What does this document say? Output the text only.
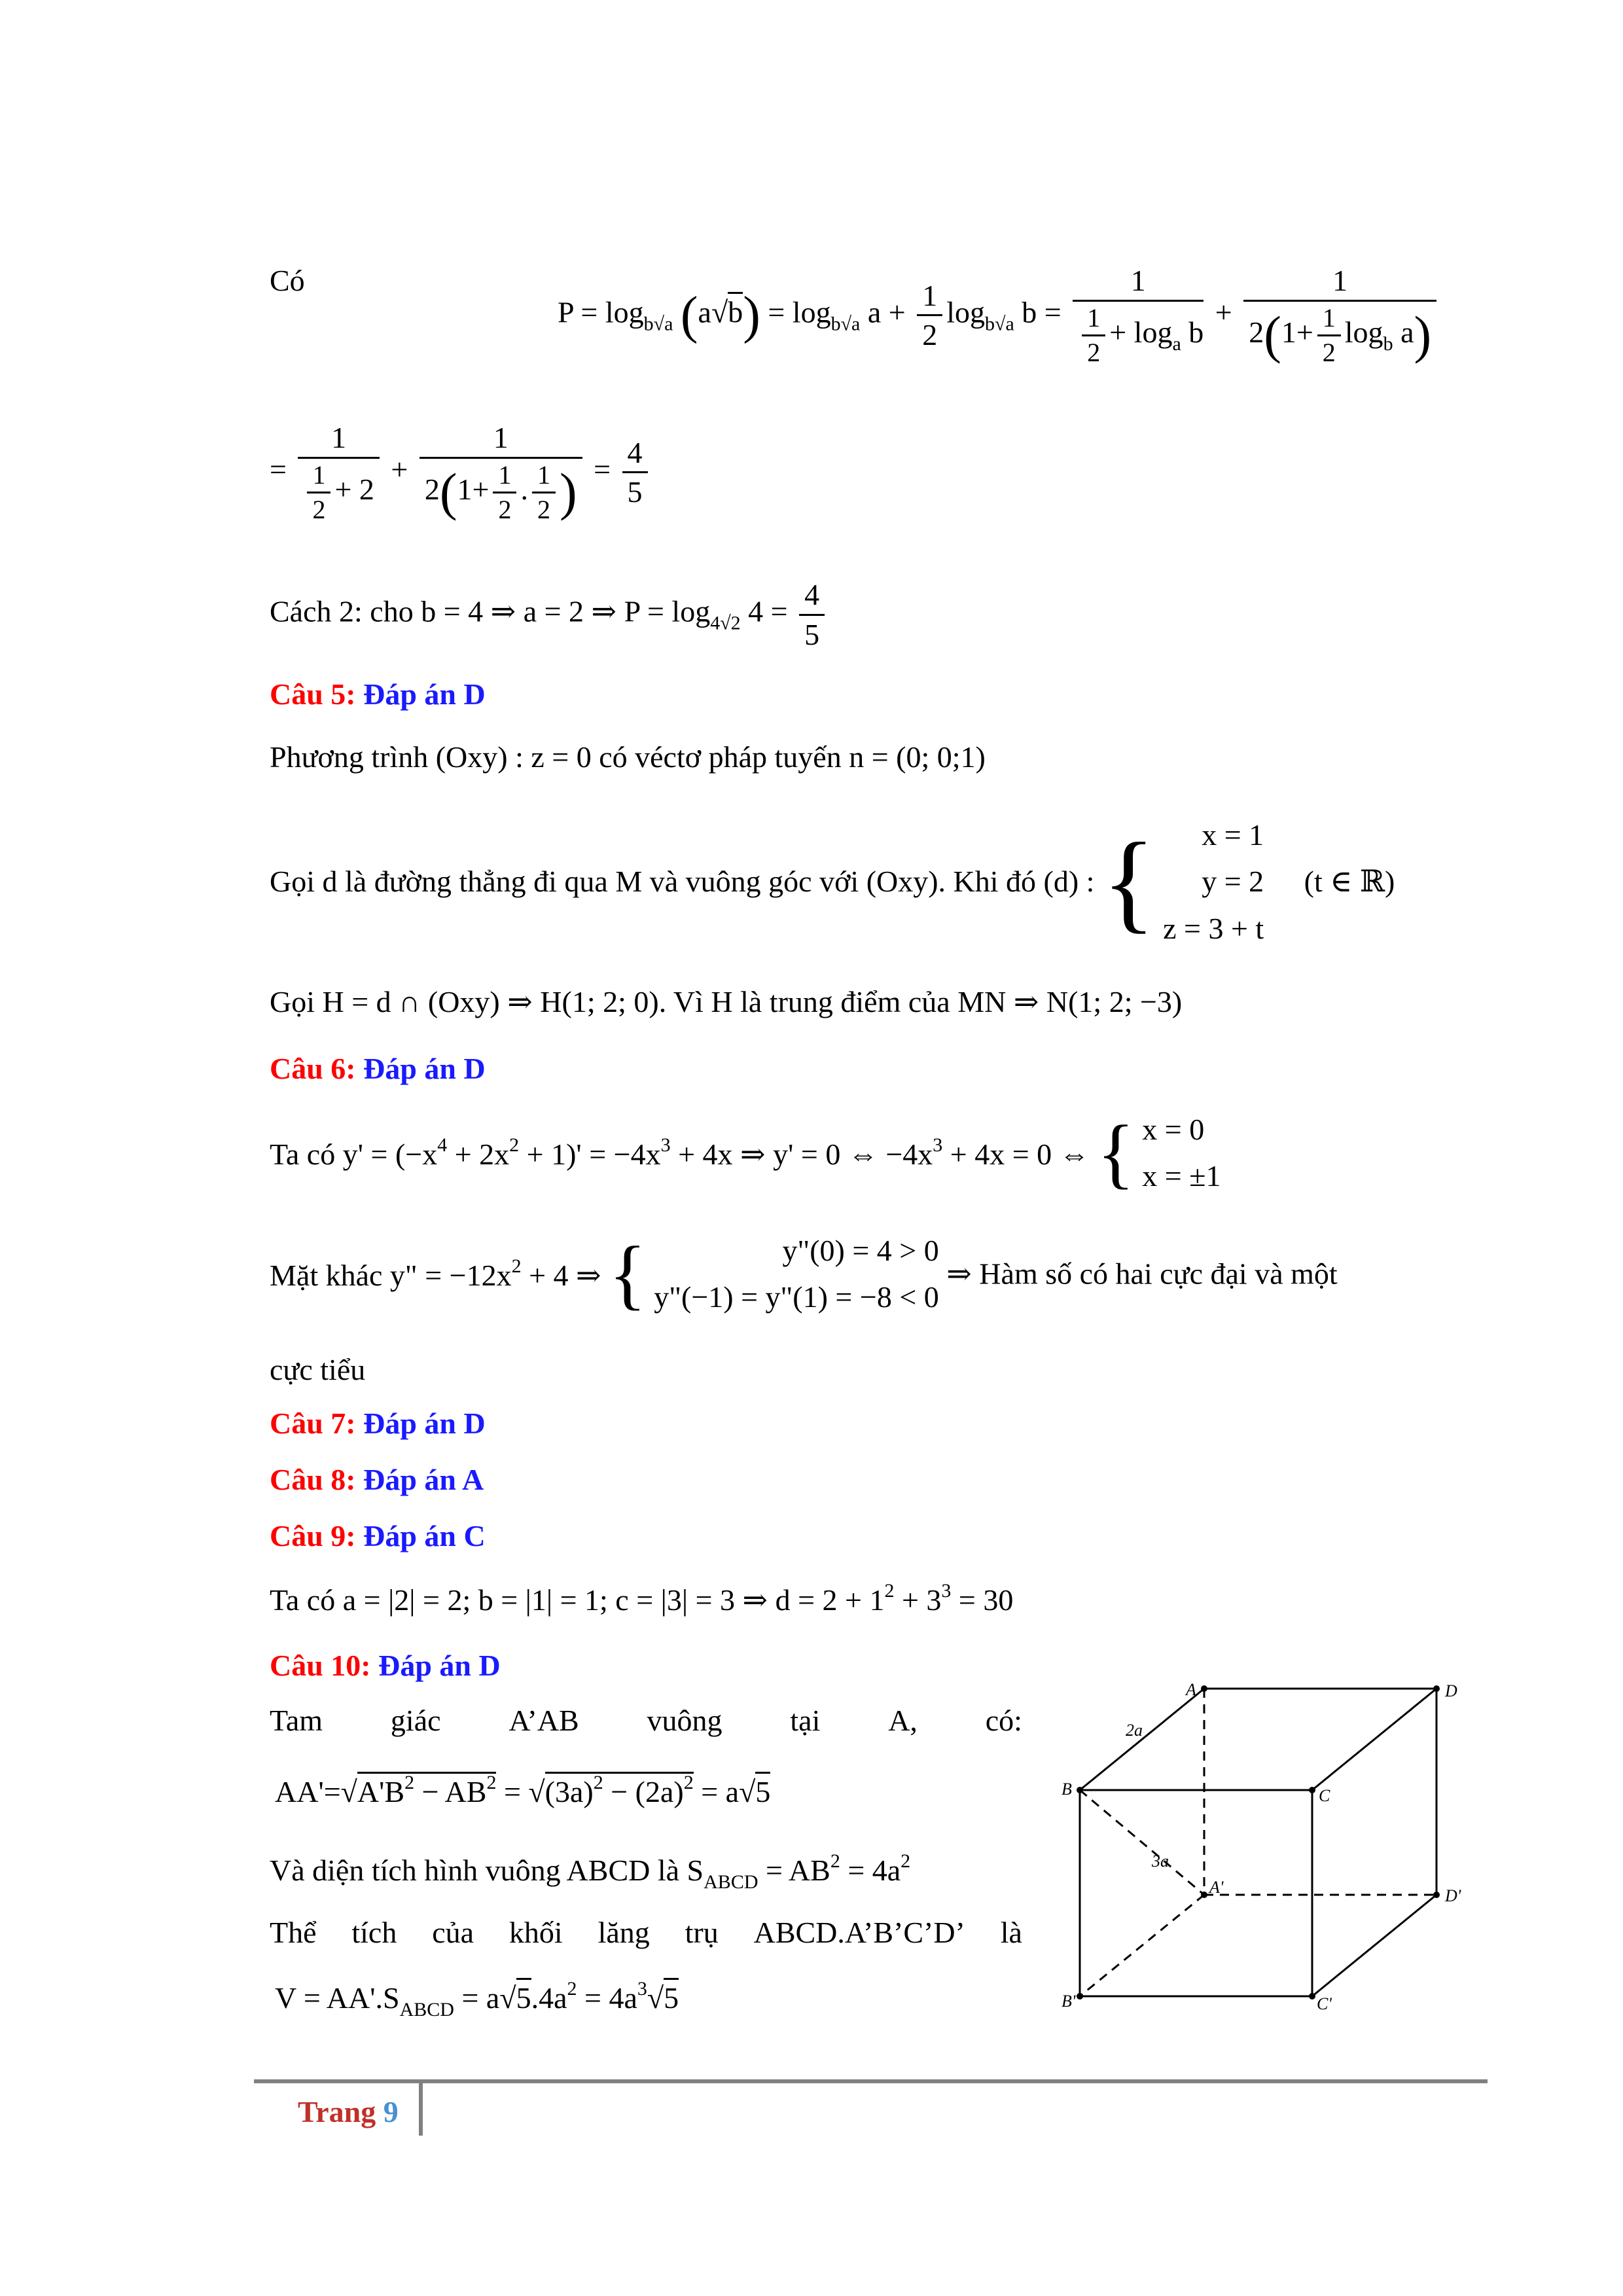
Có
$P = \log_{b√a} (a√b) = \log_{b√a} a + \frac{1}{2} \log_{b√a} b = \frac{1}{\frac{1}{2} + \log_a b} + \frac{1}{2(1+ \frac{1}{2} \log_b a)}$
= $\frac{1}{\frac{1}{2} + 2} + \frac{1}{2(1+ \frac{1}{2} . \frac{1}{2} )} = \frac{4}{5}$
Cách 2: cho b = 4 ⇒ a = 2 ⇒ $P = \log_{4√2} 4 = \frac{4}{5}$
Câu 5: Đáp án D
Phương trình (Oxy) : z = 0 có véctơ pháp tuyến n = (0; 0;1)
Gọi d là đường thẳng đi qua M và vuông góc với (Oxy). Khi đó (d) : {	x = 1
y = 2
z = 3 + t
(t ∈ ℝ)
Gọi H = d ∩ (Oxy) ⇒ H(1; 2; 0). Vì H là trung điểm của MN ⇒ N(1; 2; −3)
Câu 6: Đáp án D
Ta có $y' = (-x^4 + 2x^2 + 1)' = -4x^3 + 4x$ ⇒ y' = 0 ⇔ $-4x^3 + 4x = 0$ ⇔ { x = 0
x = ±1
Mặt khác y" = $-12x^2 + 4$ ⇒ {	y"(0) = 4 > 0
y"(−1) = y"(1) = −8 < 0
⇒ Hàm số có hai cực đại và một
cực tiểu
Câu 7: Đáp án D
Câu 8: Đáp án A
Câu 9: Đáp án C
Ta có a = |2| = 2; b = |1| = 1; c = |3| = 3 ⇒ $d = 2 + 1^2 + 3^3 = 30$
Câu 10: Đáp án D
Tam giác A’AB vuông tại A, có:
$AA'=√A'B^2 - AB^2 = √(3a)^2 - (2a)^2 = a√5$
Và diện tích hình vuông ABCD là $S_{ABCD} = AB^2 = 4a^2$
Thể tích của khối lăng trụ ABCD.A’B’C’D’ là
$V = AA'.S_{ABCD} = a√5.4a^2 = 4a^3√5$
A	D
B	C
A'	D'
B'	C'
2a
3a
Trang 9
